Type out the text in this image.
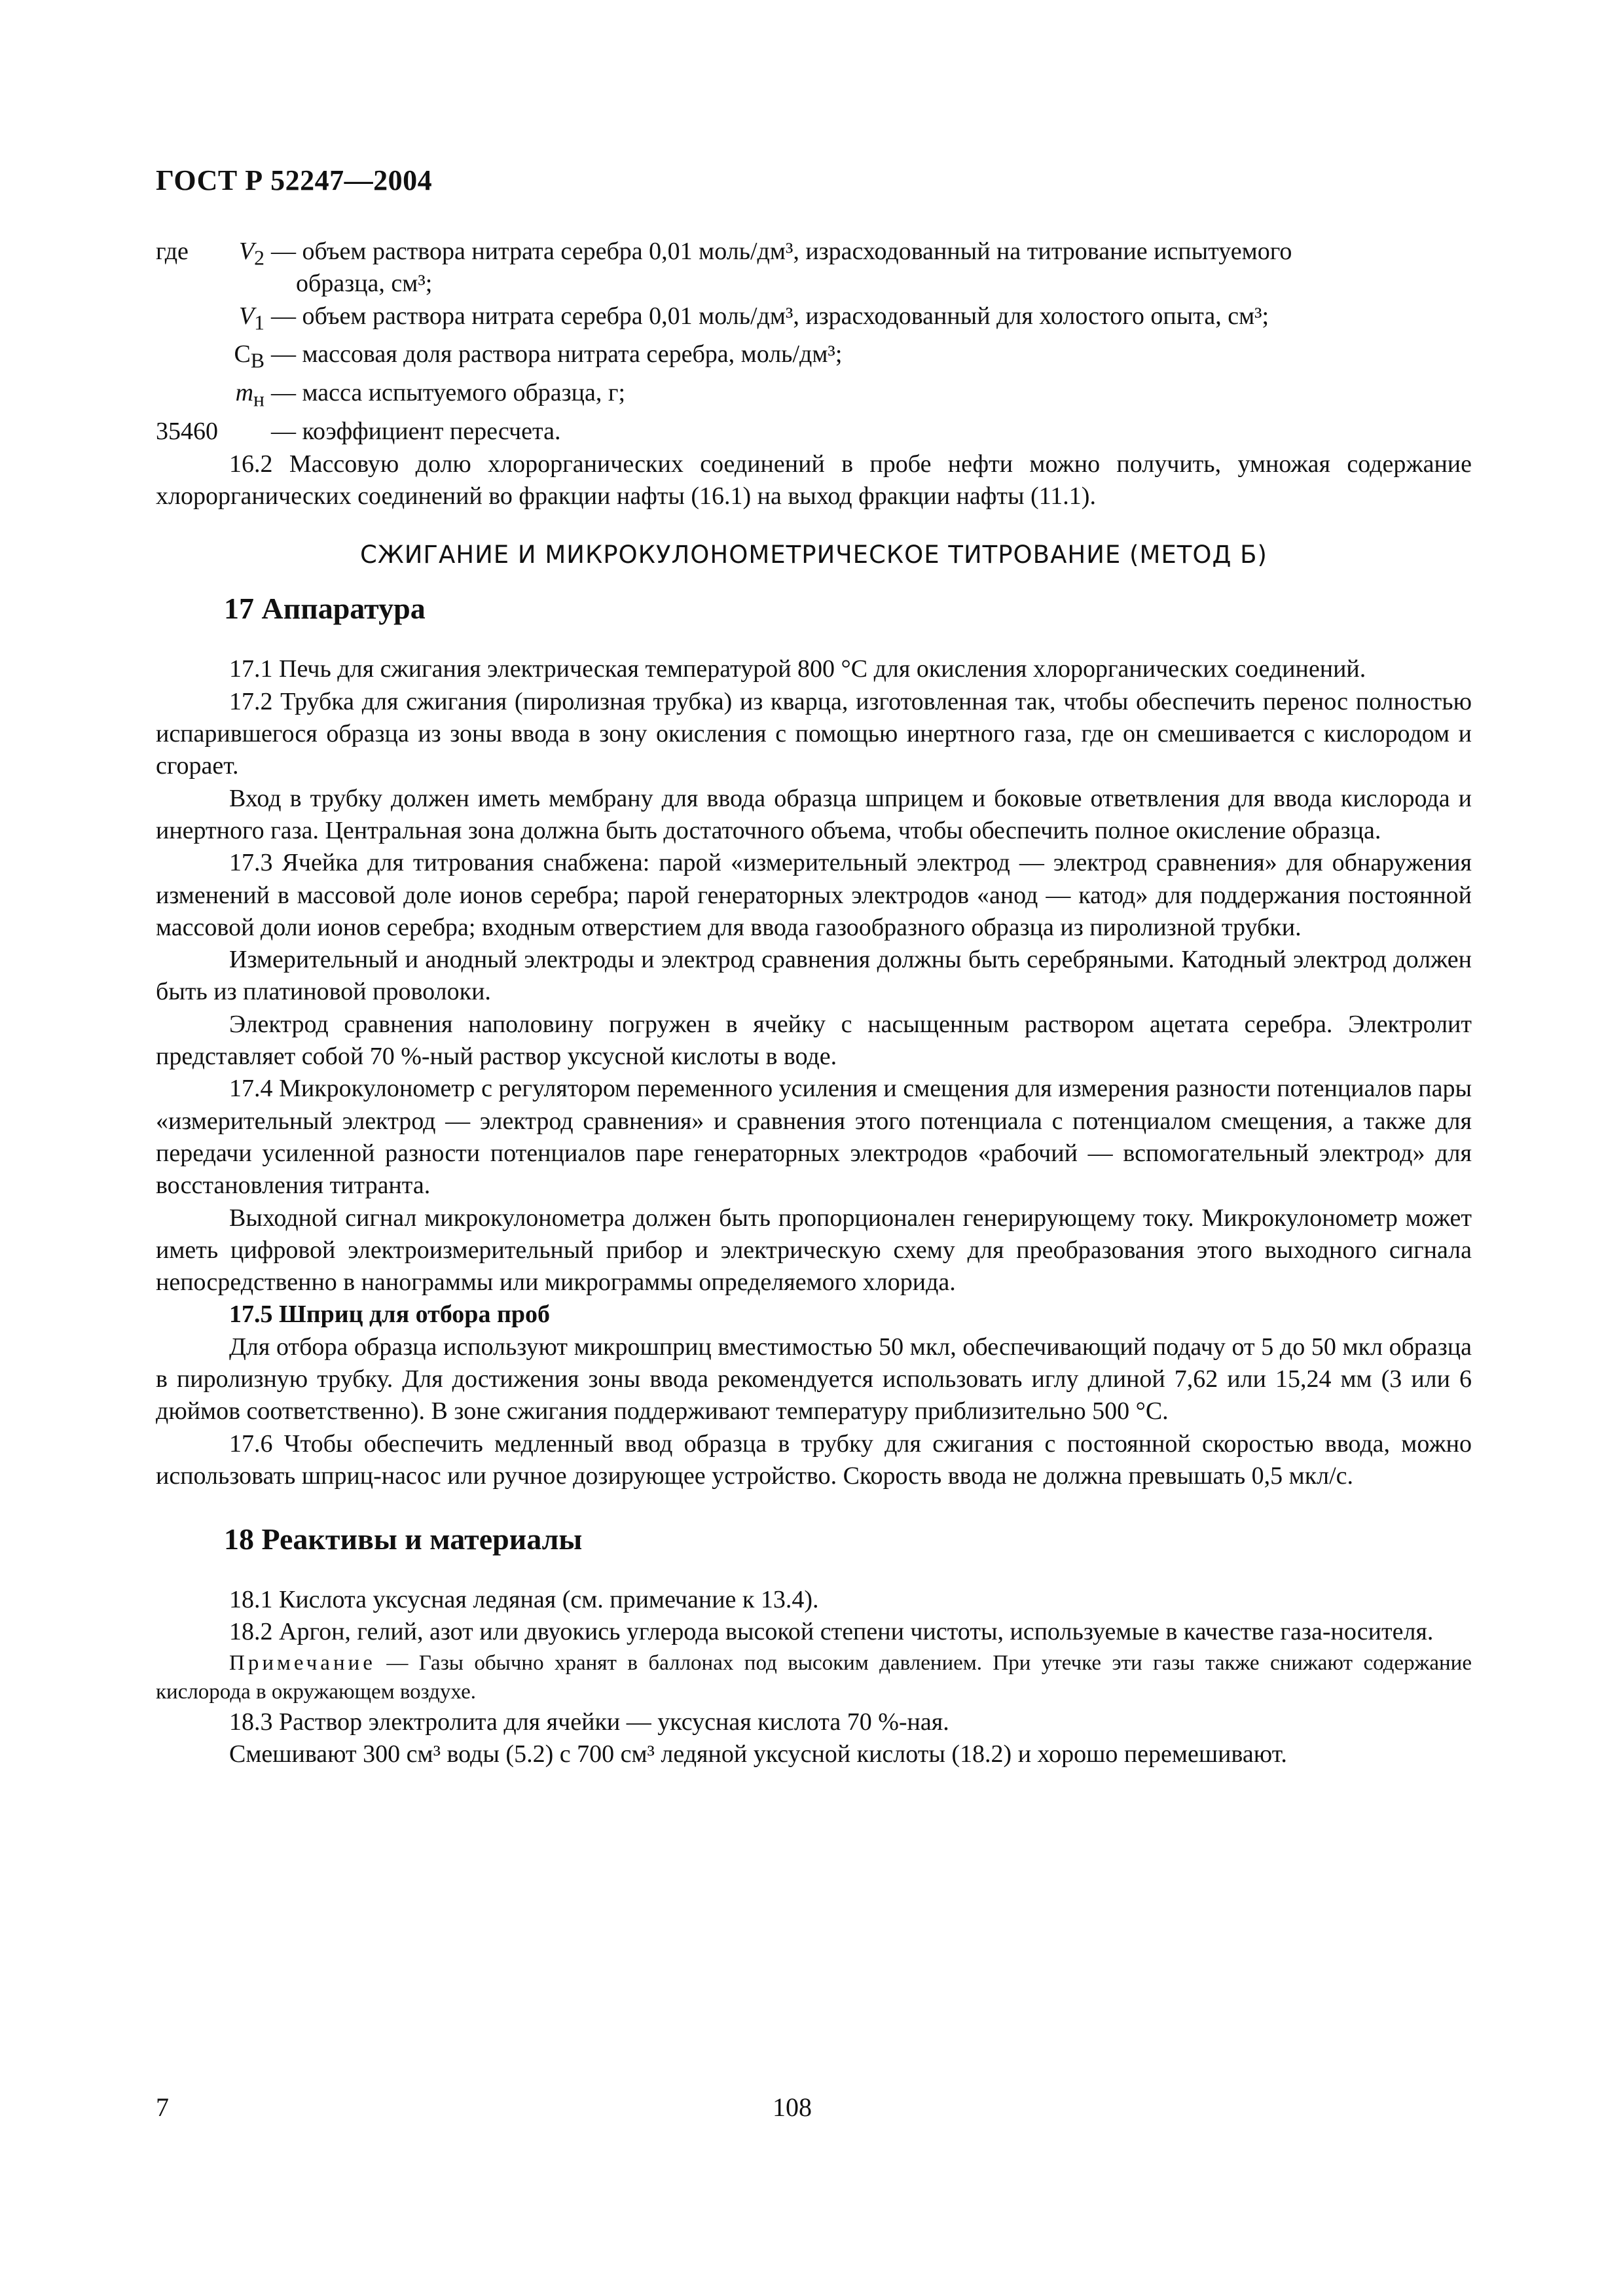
ГОСТ Р 52247—2004
где $V_2$ — объем раствора нитрата серебра 0,01 моль/дм³, израсходованный на титрование испытуемого
образца, см³;
$V_1$ — объем раствора нитрата серебра 0,01 моль/дм³, израсходованный для холостого опыта, см³;
$C_B$ — массовая доля раствора нитрата серебра, моль/дм³;
$m_н$ — масса испытуемого образца, г;
35460	— коэффициент пересчета.

16.2 Массовую долю хлорорганических соединений в пробе нефти можно получить, умножая содержание хлорорганических соединений во фракции нафты (16.1) на выход фракции нафты (11.1).

СЖИГАНИЕ И МИКРОКУЛОНОМЕТРИЧЕСКОЕ ТИТРОВАНИЕ (МЕТОД Б)
17 Аппаратура

17.1 Печь для сжигания электрическая температурой 800 °С для окисления хлорорганических соединений.

17.2 Трубка для сжигания (пиролизная трубка) из кварца, изготовленная так, чтобы обеспечить перенос полностью испарившегося образца из зоны ввода в зону окисления с помощью инертного газа, где он смешивается с кислородом и сгорает.

Вход в трубку должен иметь мембрану для ввода образца шприцем и боковые ответвления для ввода кислорода и инертного газа. Центральная зона должна быть достаточного объема, чтобы обеспечить полное окисление образца.

17.3 Ячейка для титрования снабжена: парой «измерительный электрод — электрод сравнения» для обнаружения изменений в массовой доле ионов серебра; парой генераторных электродов «анод — катод» для поддержания постоянной массовой доли ионов серебра; входным отверстием для ввода газообразного образца из пиролизной трубки.

Измерительный и анодный электроды и электрод сравнения должны быть серебряными. Катодный электрод должен быть из платиновой проволоки.

Электрод сравнения наполовину погружен в ячейку с насыщенным раствором ацетата серебра. Электролит представляет собой 70 %-ный раствор уксусной кислоты в воде.

17.4 Микрокулонометр с регулятором переменного усиления и смещения для измерения разности потенциалов пары «измерительный электрод — электрод сравнения» и сравнения этого потенциала с потенциалом смещения, а также для передачи усиленной разности потенциалов паре генераторных электродов «рабочий — вспомогательный электрод» для восстановления титранта.

Выходной сигнал микрокулонометра должен быть пропорционален генерирующему току. Микрокулонометр может иметь цифровой электроизмерительный прибор и электрическую схему для преобразования этого выходного сигнала непосредственно в нанограммы или микрограммы определяемого хлорида.

17.5 Шприц для отбора проб

Для отбора образца используют микрошприц вместимостью 50 мкл, обеспечивающий подачу от 5 до 50 мкл образца в пиролизную трубку. Для достижения зоны ввода рекомендуется использовать иглу длиной 7,62 или 15,24 мм (3 или 6 дюймов соответственно). В зоне сжигания поддерживают температуру приблизительно 500 °С.

17.6 Чтобы обеспечить медленный ввод образца в трубку для сжигания с постоянной скоростью ввода, можно использовать шприц-насос или ручное дозирующее устройство. Скорость ввода не должна превышать 0,5 мкл/с.

18 Реактивы и материалы

18.1 Кислота уксусная ледяная (см. примечание к 13.4).

18.2 Аргон, гелий, азот или двуокись углерода высокой степени чистоты, используемые в качестве газа-носителя.

Примечание — Газы обычно хранят в баллонах под высоким давлением. При утечке эти газы также снижают содержание кислорода в окружающем воздухе.

18.3 Раствор электролита для ячейки — уксусная кислота 70 %-ная.

Смешивают 300 см³ воды (5.2) с 700 см³ ледяной уксусной кислоты (18.2) и хорошо перемешивают.

7	108
